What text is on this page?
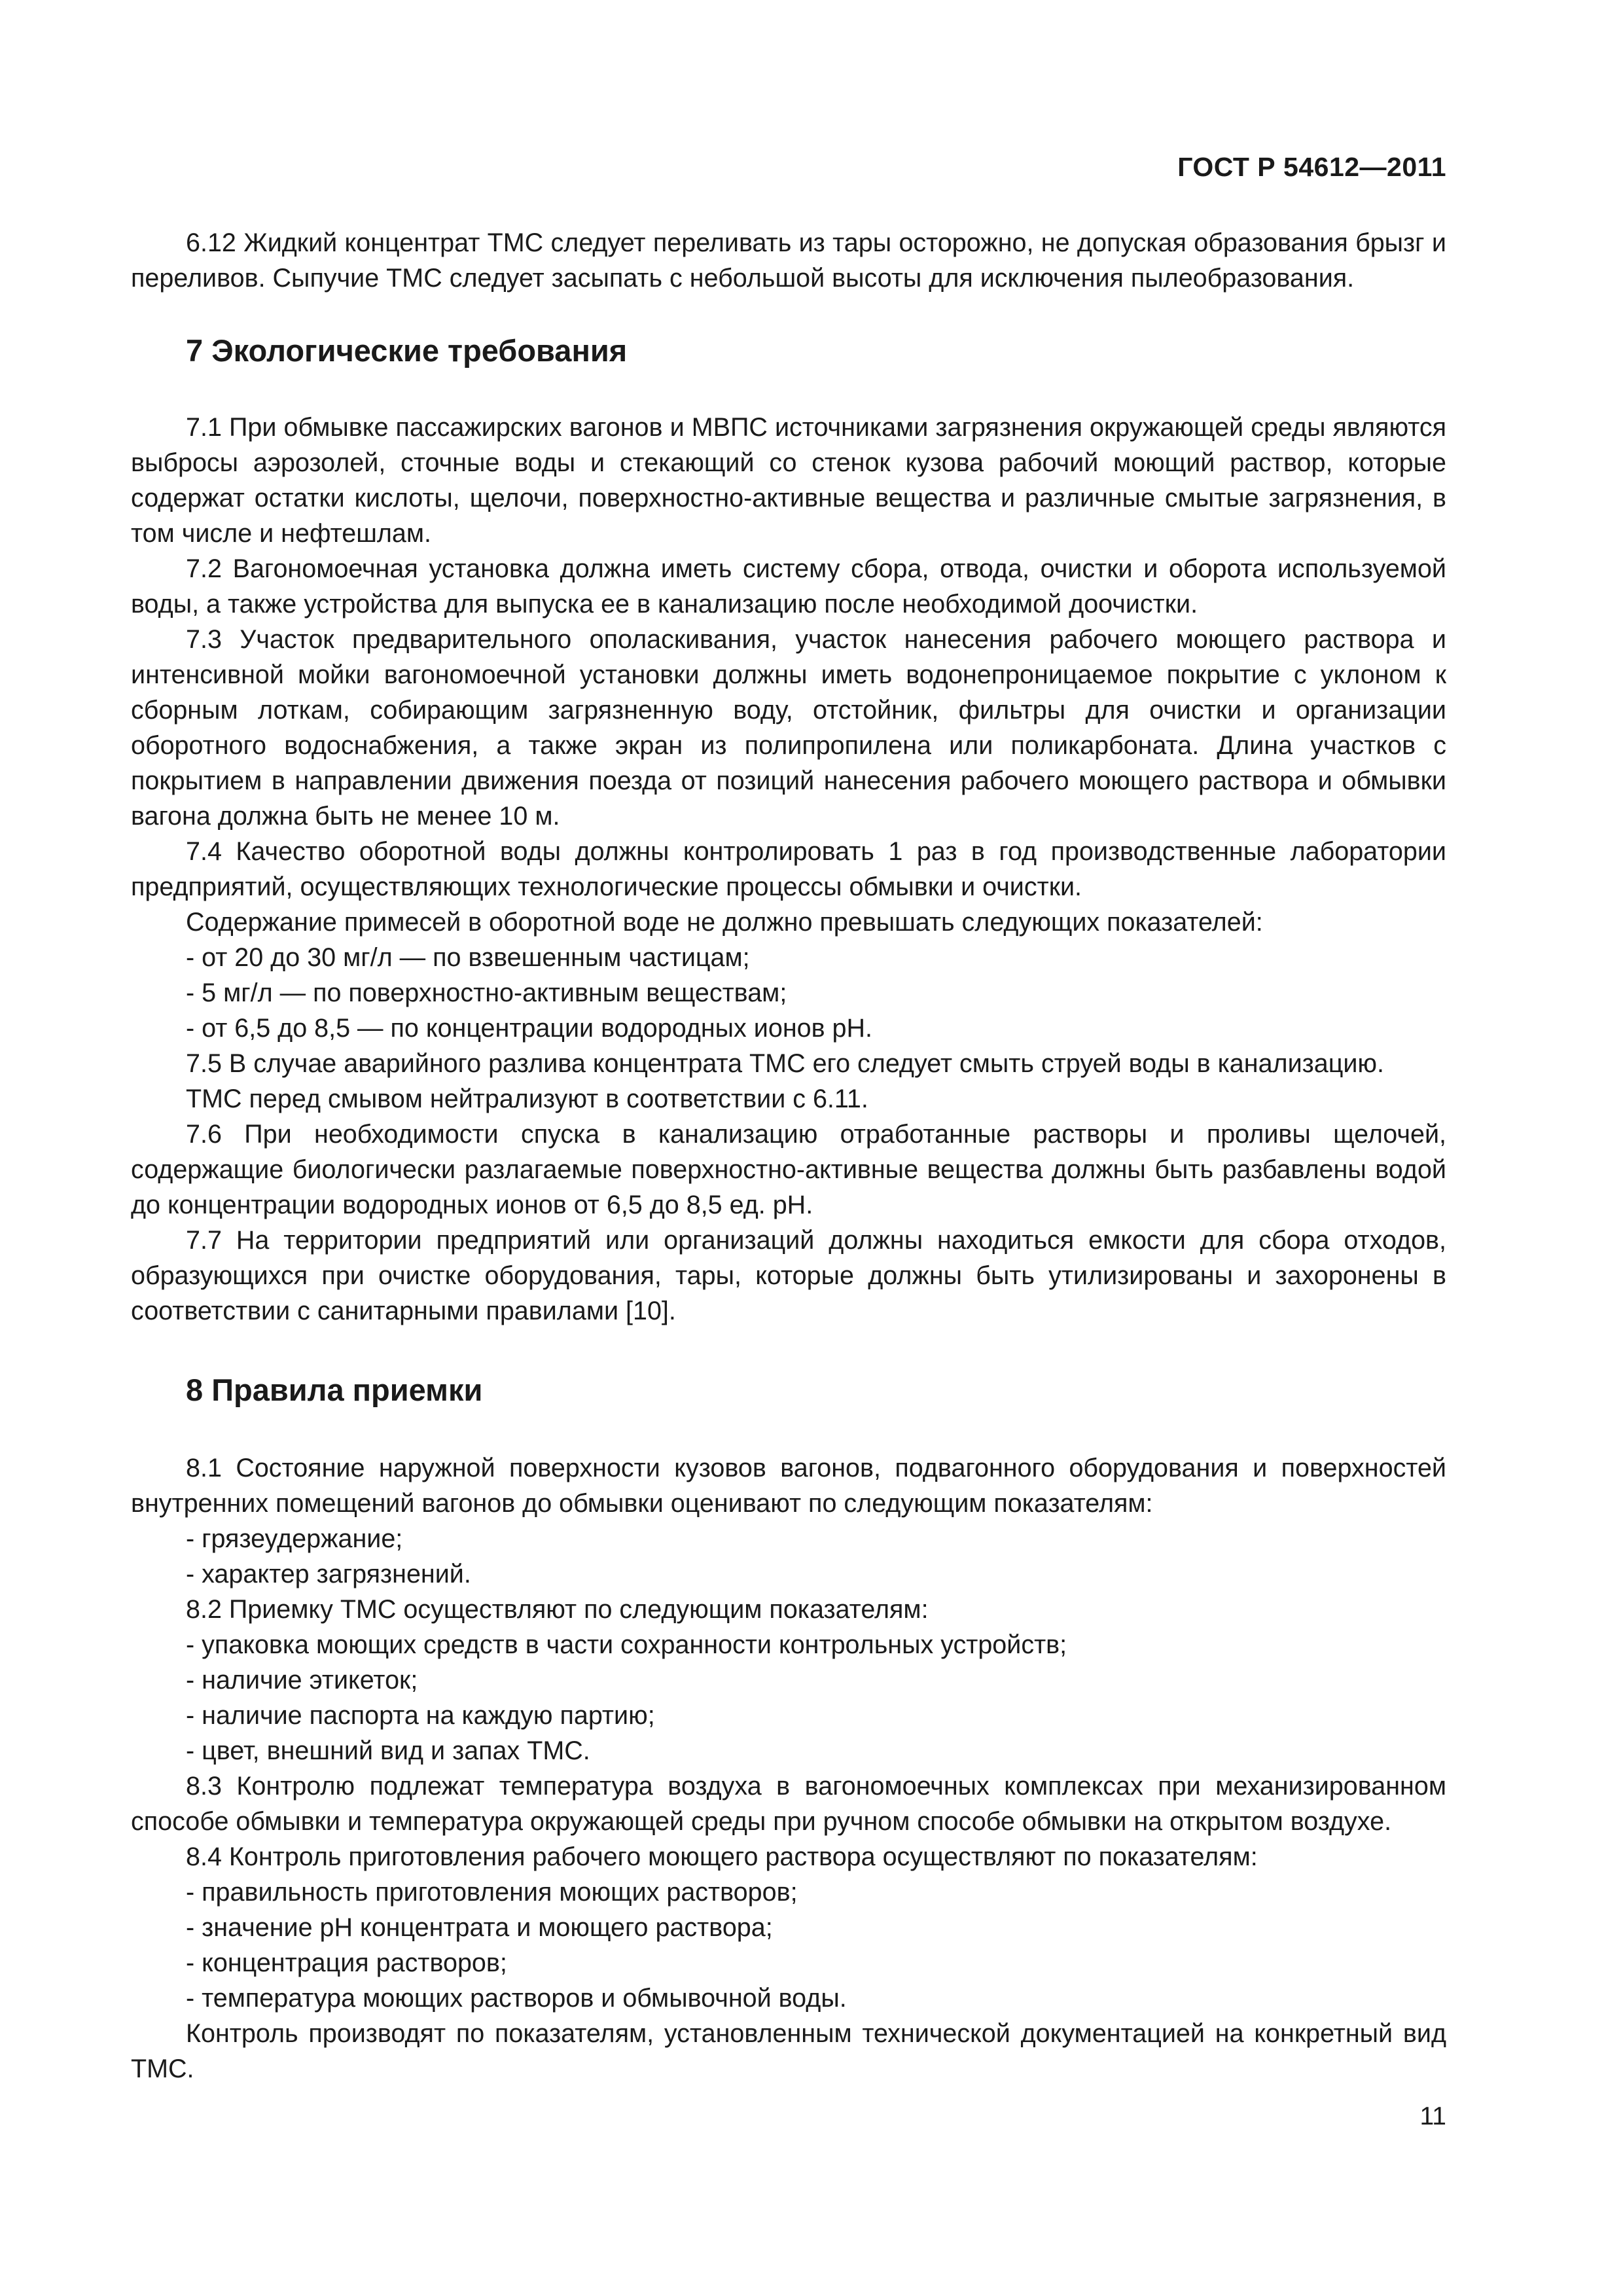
ГОСТ Р 54612—2011

6.12 Жидкий концентрат ТМС следует переливать из тары осторожно, не допуская образования брызг и переливов. Сыпучие ТМС следует засыпать с небольшой высоты для исключения пылеобразования.

7 Экологические требования

7.1 При обмывке пассажирских вагонов и МВПС источниками загрязнения окружающей среды являются выбросы аэрозолей, сточные воды и стекающий со стенок кузова рабочий моющий раствор, которые содержат остатки кислоты, щелочи, поверхностно-активные вещества и различные смытые загрязнения, в том числе и нефтешлам.

7.2 Вагономоечная установка должна иметь систему сбора, отвода, очистки и оборота используемой воды, а также устройства для выпуска ее в канализацию после необходимой доочистки.

7.3 Участок предварительного ополаскивания, участок нанесения рабочего моющего раствора и интенсивной мойки вагономоечной установки должны иметь водонепроницаемое покрытие с уклоном к сборным лоткам, собирающим загрязненную воду, отстойник, фильтры для очистки и организации оборотного водоснабжения, а также экран из полипропилена или поликарбоната. Длина участков с покрытием в направлении движения поезда от позиций нанесения рабочего моющего раствора и обмывки вагона должна быть не менее 10 м.

7.4 Качество оборотной воды должны контролировать 1 раз в год производственные лаборатории предприятий, осуществляющих технологические процессы обмывки и очистки.

Содержание примесей в оборотной воде не должно превышать следующих показателей:

- от 20 до 30 мг/л — по взвешенным частицам;

- 5 мг/л — по поверхностно-активным веществам;

- от 6,5 до 8,5 — по концентрации водородных ионов pH.

7.5 В случае аварийного разлива концентрата ТМС его следует смыть струей воды в канализацию.

ТМС перед смывом нейтрализуют в соответствии с 6.11.

7.6 При необходимости спуска в канализацию отработанные растворы и проливы щелочей, содержащие биологически разлагаемые поверхностно-активные вещества должны быть разбавлены водой до концентрации водородных ионов от 6,5 до 8,5 ед. pH.

7.7 На территории предприятий или организаций должны находиться емкости для сбора отходов, образующихся при очистке оборудования, тары, которые должны быть утилизированы и захоронены в соответствии с санитарными правилами [10].

8 Правила приемки

8.1 Состояние наружной поверхности кузовов вагонов, подвагонного оборудования и поверхностей внутренних помещений вагонов до обмывки оценивают по следующим показателям:

- грязеудержание;

- характер загрязнений.

8.2 Приемку ТМС осуществляют по следующим показателям:

- упаковка моющих средств в части сохранности контрольных устройств;

- наличие этикеток;

- наличие паспорта на каждую партию;

- цвет, внешний вид и запах ТМС.

8.3 Контролю подлежат температура воздуха в вагономоечных комплексах при механизированном способе обмывки и температура окружающей среды при ручном способе обмывки на открытом воздухе.

8.4 Контроль приготовления рабочего моющего раствора осуществляют по показателям:

- правильность приготовления моющих растворов;

- значение pH концентрата и моющего раствора;

- концентрация растворов;

- температура моющих растворов и обмывочной воды.

Контроль производят по показателям, установленным технической документацией на конкретный вид ТМС.

11
